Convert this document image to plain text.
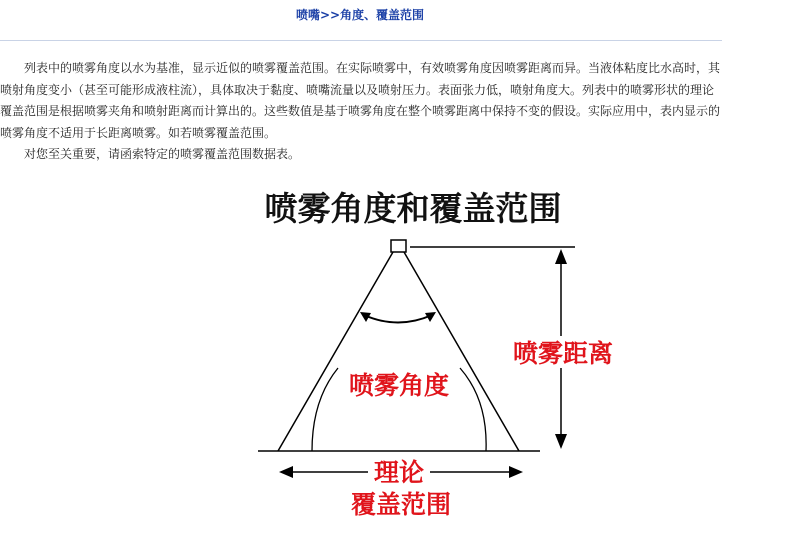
喷嘴>>角度、覆盖范围

列表中的喷雾角度以水为基准，显示近似的喷雾覆盖范围。在实际喷雾中，有效喷雾角度因喷雾距离而异。当液体粘度比水高时，其喷射角度变小（甚至可能形成液柱流），具体取决于黏度、喷嘴流量以及喷射压力。表面张力低，喷射角度大。列表中的喷雾形状的理论覆盖范围是根据喷雾夹角和喷射距离而计算出的。这些数值是基于喷雾角度在整个喷雾距离中保持不变的假设。实际应用中，表内显示的喷雾角度不适用于长距离喷雾。如若喷雾覆盖范围。

对您至关重要，请函索特定的喷雾覆盖范围数据表。

喷雾角度和覆盖范围
喷雾角度
喷雾距离
理论
覆盖范围
